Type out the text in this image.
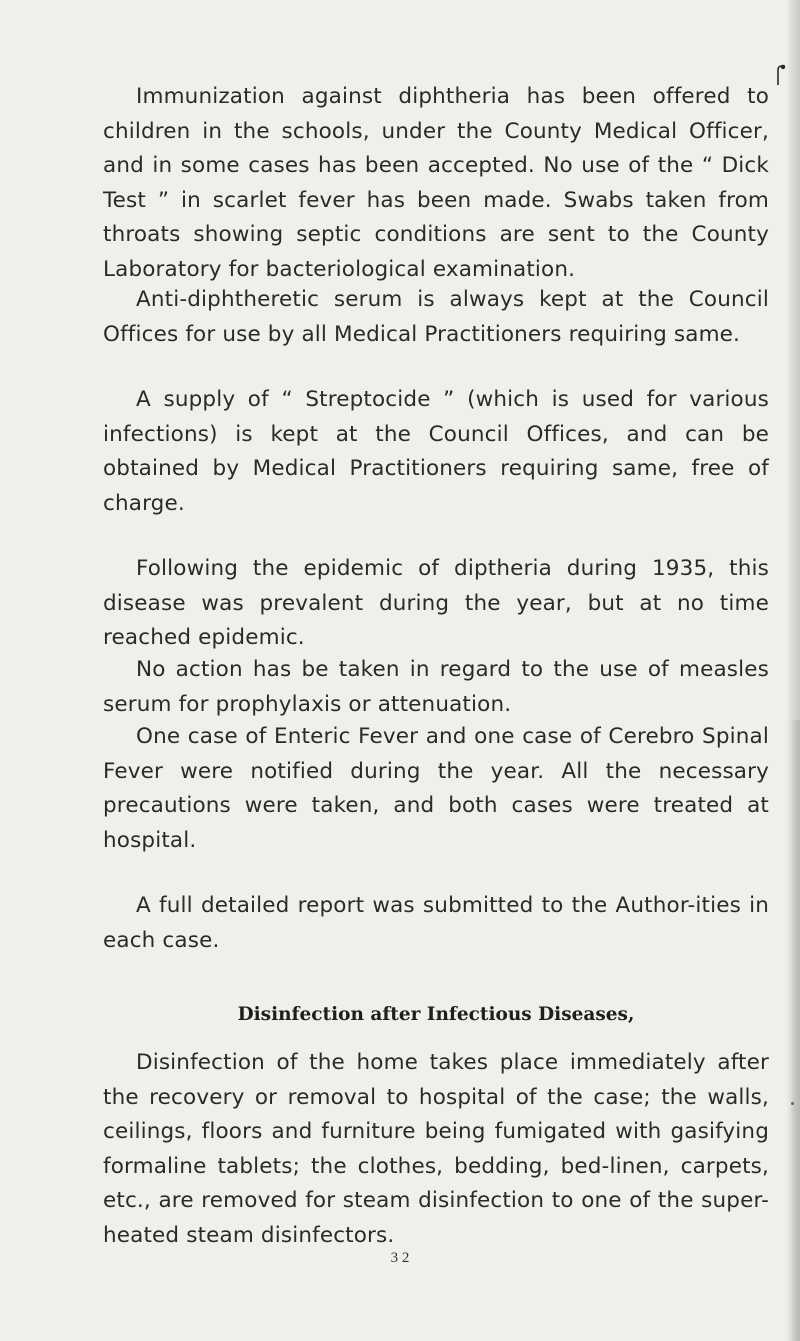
Immunization against diphtheria has been offered to children in the schools, under the County Medical Officer, and in some cases has been accepted. No use of the “ Dick Test ” in scarlet fever has been made. Swabs taken from throats showing septic conditions are sent to the County Laboratory for bacteriological examination.

Anti-diphtheretic serum is always kept at the Council Offices for use by all Medical Practitioners requiring same.

A supply of “ Streptocide ” (which is used for various infections) is kept at the Council Offices, and can be obtained by Medical Practitioners requiring same, free of charge.

Following the epidemic of diptheria during 1935, this disease was prevalent during the year, but at no time reached epidemic.

No action has be taken in regard to the use of measles serum for prophylaxis or attenuation.

One case of Enteric Fever and one case of Cerebro Spinal Fever were notified during the year. All the necessary precautions were taken, and both cases were treated at hospital.

A full detailed report was submitted to the Author-ities in each case.

Disinfection after Infectious Diseases,

Disinfection of the home takes place immediately after the recovery or removal to hospital of the case; the walls, ceilings, floors and furniture being fumigated with gasifying formaline tablets; the clothes, bedding, bed-linen, carpets, etc., are removed for steam disinfection to one of the super-heated steam disinfectors.

3 2
